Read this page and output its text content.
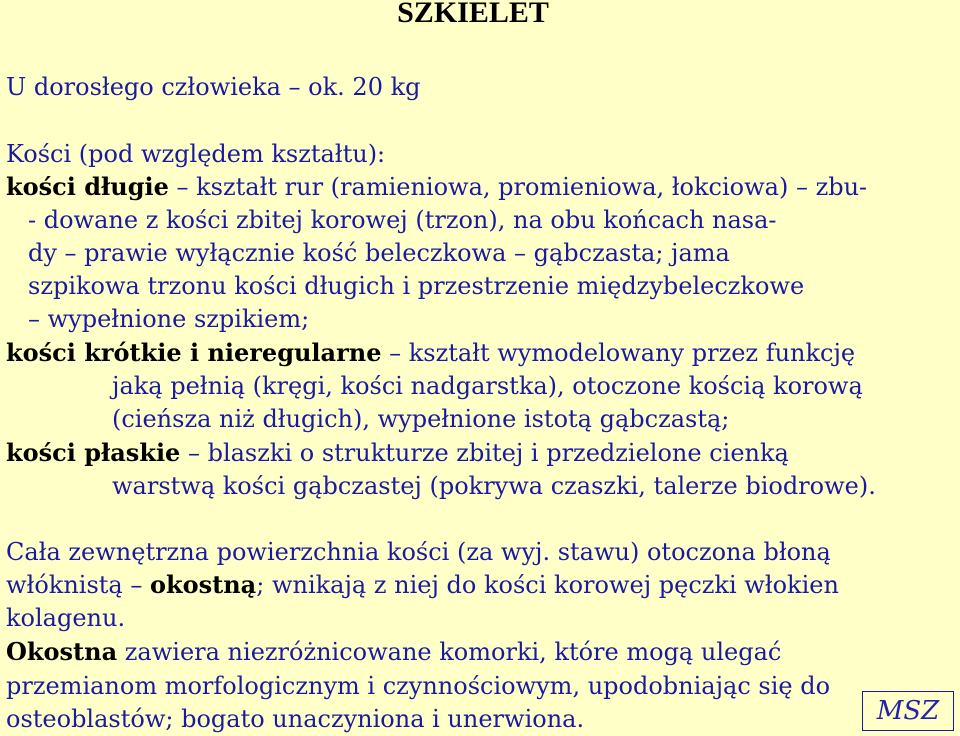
SZKIELET
U dorosłego człowieka – ok. 20 kg
Kości (pod względem kształtu):
kości długie – kształt rur (ramieniowa, promieniowa, łokciowa) – zbu-
- dowane z kości zbitej korowej (trzon), na obu końcach nasa-
dy – prawie wyłącznie kość beleczkowa – gąbczasta; jama
szpikowa trzonu kości długich i przestrzenie międzybeleczkowe
– wypełnione szpikiem;
kości krótkie i nieregularne – kształt wymodelowany przez funkcję
jaką pełnią (kręgi, kości nadgarstka), otoczone kością korową
(cieńsza niż długich), wypełnione istotą gąbczastą;
kości płaskie – blaszki o strukturze zbitej i przedzielone cienką
warstwą kości gąbczastej (pokrywa czaszki, talerze biodrowe).
Cała zewnętrzna powierzchnia kości (za wyj. stawu) otoczona błoną
włóknistą – okostną; wnikają z niej do kości korowej pęczki włokien
kolagenu.
Okostna zawiera niezróżnicowane komorki, które mogą ulegać
przemianom morfologicznym i czynnościowym, upodobniając się do
osteoblastów; bogato unaczyniona i unerwiona.	MSZ
